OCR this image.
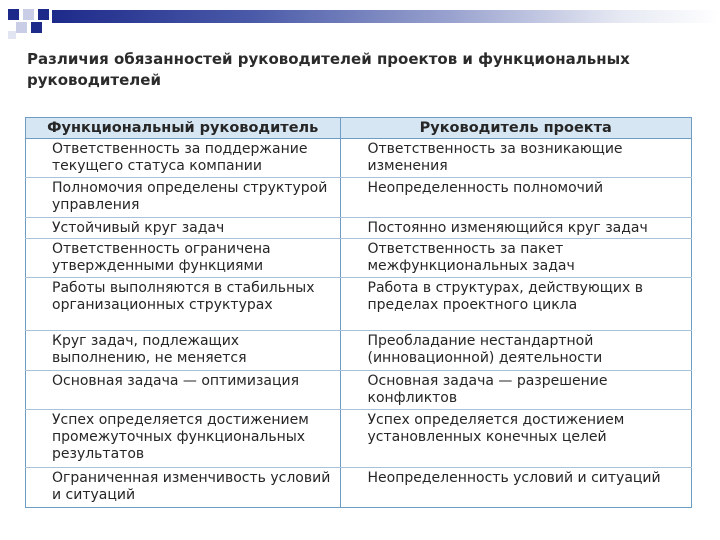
Различия обязанностей руководителей проектов и функциональных руководителей
Функциональный руководитель	Руководитель проекта
Ответственность за поддержание текущего статуса компании	Ответственность за возникающие изменения
Полномочия определены структурой управления	Неопределенность полномочий
Устойчивый круг задач	Постоянно изменяющийся круг задач
Ответственность ограничена утвержденными функциями	Ответственность за пакет межфункциональных задач
Работы выполняются в стабильных организационных структурах	Работа в структурах, действующих в пределах проектного цикла
Круг задач, подлежащих выполнению, не меняется	Преобладание нестандартной (инновационной) деятельности
Основная задача — оптимизация	Основная задача — разрешение конфликтов
Успех определяется достижением промежуточных функциональных результатов	Успех определяется достижением установленных конечных целей
Ограниченная изменчивость условий и ситуаций	Неопределенность условий и ситуаций
